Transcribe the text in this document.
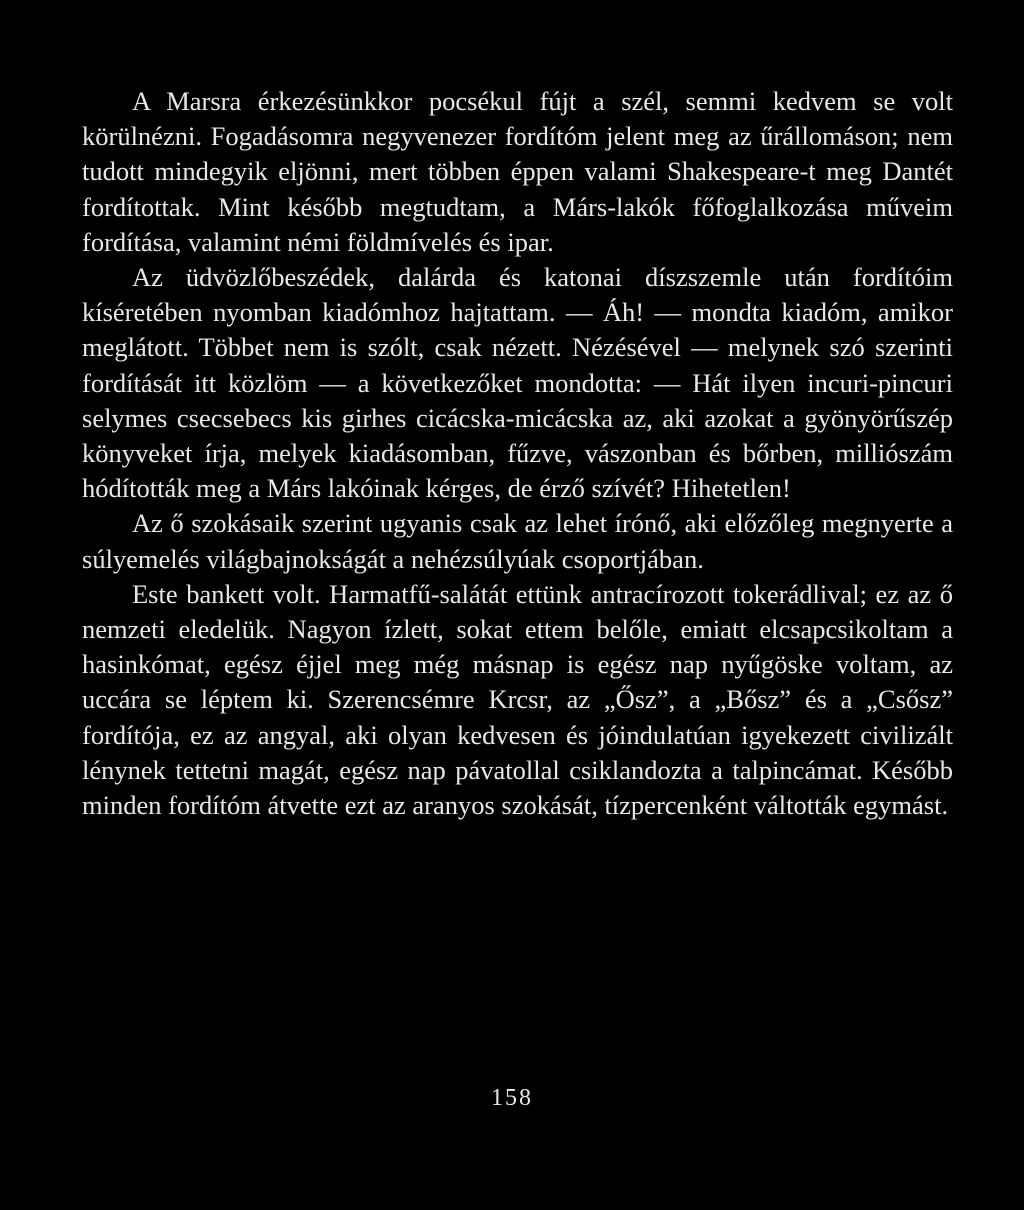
A Marsra érkezésünkkor pocsékul fújt a szél, semmi kedvem se volt körülnézni. Fogadásomra negyvenezer fordítóm jelent meg az űrállomáson; nem tudott mindegyik eljönni, mert többen éppen valami Shakespeare-t meg Dantét fordítottak. Mint később megtudtam, a Márs-lakók főfoglalkozása műveim fordítása, valamint némi földmívelés és ipar.

Az üdvözlőbeszédek, dalárda és katonai díszszemle után fordítóim kíséretében nyomban kiadómhoz hajtattam. — Áh! — mondta kiadóm, amikor meglátott. Többet nem is szólt, csak nézett. Nézésével — melynek szó szerinti fordítását itt közlöm — a következőket mondotta: — Hát ilyen incuri-pincuri selymes csecsebecs kis girhes cicácska-micácska az, aki azokat a gyönyörűszép könyveket írja, melyek kiadásomban, fűzve, vászonban és bőrben, milliószám hódították meg a Márs lakóinak kérges, de érző szívét? Hihetetlen!

Az ő szokásaik szerint ugyanis csak az lehet írónő, aki előzőleg megnyerte a súlyemelés világbajnokságát a nehézsúlyúak csoportjában.

Este bankett volt. Harmatfű-salátát ettünk antracírozott tokerádlival; ez az ő nemzeti eledelük. Nagyon ízlett, sokat ettem belőle, emiatt elcsapcsikoltam a hasinkómat, egész éjjel meg még másnap is egész nap nyűgöske voltam, az uccára se léptem ki. Szerencsémre Krcsr, az „Ősz”, a „Bősz” és a „Csősz” fordítója, ez az angyal, aki olyan kedvesen és jóindulatúan igyekezett civilizált lénynek tettetni magát, egész nap pávatollal csiklandozta a talpincámat. Később minden fordítóm átvette ezt az aranyos szokását, tízpercenként váltották egymást.

158
